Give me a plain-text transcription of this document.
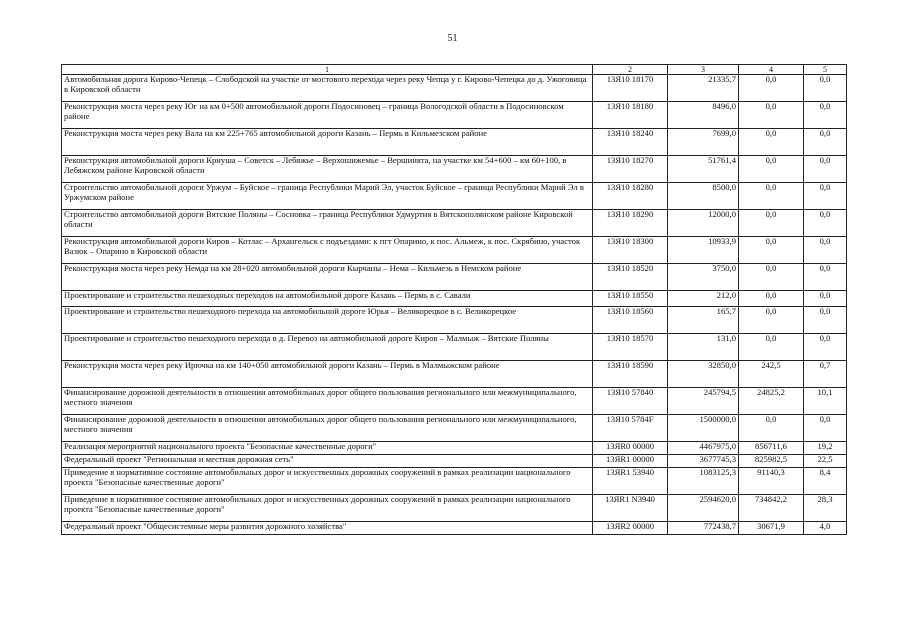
51
1	2	3	4	5
Автомобильная дорога Кирово-Чепецк – Слободской на участке от мостового перехода через реку Чепца у г. Кирово-Чепецка до д. Ужоговица в Кировской области	13Я10 18170	21335,7	0,0	0,0
Реконструкция моста через реку Юг на км 0+500 автомобильной дороги Подосиновец – граница Вологодской области в Подосиновском районе	13Я10 18180	8496,0	0,0	0,0
Реконструкция моста через реку Вала на км 225+765 автомобильной дороги Казань – Пермь в Кильмезском районе	13Я10 18240	7699,0	0,0	0,0
Реконструкция автомобильной дороги Криуша – Советск – Лебяжье – Верхошижемье – Вершинята, на участке км 54+600 – км 60+100, в Лебяжском районе Кировской области	13Я10 18270	51761,4	0,0	0,0
Строительство автомобильной дороги Уржум – Буйское – граница Республики Марий Эл, участок Буйское – граница Республики Марий Эл в Уржумском районе	13Я10 18280	8500,0	0,0	0,0
Строительство автомобильной дороги Вятские Поляны – Сосновка – граница Республики Удмуртия в Вятскополянском районе Кировской области	13Я10 18290	12000,0	0,0	0,0
Реконструкция автомобильной дороги Киров – Котлас – Архангельск с подъездами: к пгт Опарино, к пос. Альмеж, к пос. Скрябино, участок Вазюк – Опарино в Кировской области	13Я10 18300	10933,9	0,0	0,0
Реконструкция моста через реку Немда на км 28+020 автомобильной дороги Кырчаны – Нема – Кильмезь в Немском районе	13Я10 18520	3750,0	0,0	0,0
Проектирование и строительство пешеходных переходов на автомобильной дороге Казань – Пермь в с. Савали	13Я10 18550	212,0	0,0	0,0
Проектирование и строительство пешеходного перехода на автомобильной дороге Юрья – Великорецкое в с. Великорецкое	13Я10 18560	165,7	0,0	0,0
Проектирование и строительство пешеходного перехода в д. Перевоз на автомобильной дороге Киров – Малмыж – Вятские Поляны	13Я10 18570	131,0	0,0	0,0
Реконструкция моста через реку Ирючка на км 140+050 автомобильной дороги Казань – Пермь в Малмыжском районе	13Я10 18590	32850,0	242,5	0,7
Финансирование дорожной деятельности в отношении автомобильных дорог общего пользования регионального или межмуниципального, местного значения	13Я10 57840	245794,5	24825,2	10,1
Финансирование дорожной деятельности в отношении автомобильных дорог общего пользования регионального или межмуниципального, местного значения	13Я10 5784F	1500000,0	0,0	0,0
Реализация мероприятий национального проекта "Безопасные качественные дороги"	13ЯR0 00000	4467975,0	856711,6	19,2
Федеральный проект "Региональная и местная дорожная сеть"	13ЯR1 00000	3677745,3	825982,5	22,5
Приведение в нормативное состояние автомобильных дорог и искусственных дорожных сооружений в рамках реализации национального проекта "Безопасные качественные дороги"	13ЯR1 53940	1083125,3	91140,3	8,4
Приведение в нормативное состояние автомобильных дорог и искусственных дорожных сооружений в рамках реализации национального проекта "Безопасные качественные дороги"	13ЯR1 N3940	2594620,0	734842,2	28,3
Федеральный проект "Общесистемные меры развития дорожного хозяйства"	13ЯR2 00000	772438,7	30671,9	4,0
